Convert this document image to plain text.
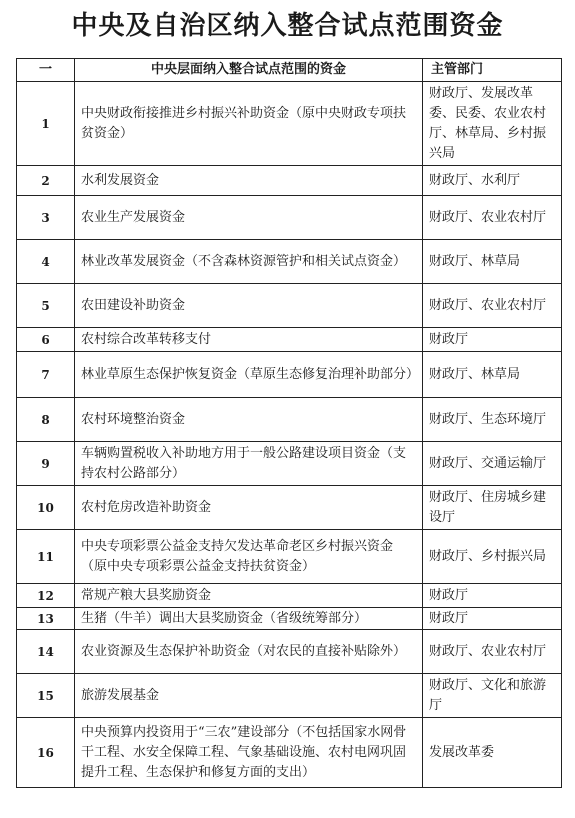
中央及自治区纳入整合试点范围资金
一	中央层面纳入整合试点范围的资金	主管部门
1	中央财政衔接推进乡村振兴补助资金（原中央财政专项扶贫资金）	财政厅、发展改革委、民委、农业农村厅、林草局、乡村振兴局
2	水利发展资金	财政厅、水利厅
3	农业生产发展资金	财政厅、农业农村厅
4	林业改革发展资金（不含森林资源管护和相关试点资金）	财政厅、林草局
5	农田建设补助资金	财政厅、农业农村厅
6	农村综合改革转移支付	财政厅
7	林业草原生态保护恢复资金（草原生态修复治理补助部分）	财政厅、林草局
8	农村环境整治资金	财政厅、生态环境厅
9	车辆购置税收入补助地方用于一般公路建设项目资金（支持农村公路部分）	财政厅、交通运输厅
10	农村危房改造补助资金	财政厅、住房城乡建设厅
11	中央专项彩票公益金支持欠发达革命老区乡村振兴资金（原中央专项彩票公益金支持扶贫资金）	财政厅、乡村振兴局
12	常规产粮大县奖励资金	财政厅
13	生猪（牛羊）调出大县奖励资金（省级统筹部分）	财政厅
14	农业资源及生态保护补助资金（对农民的直接补贴除外）	财政厅、农业农村厅
15	旅游发展基金	财政厅、文化和旅游厅
16	中央预算内投资用于“三农”建设部分（不包括国家水网骨干工程、水安全保障工程、气象基础设施、农村电网巩固提升工程、生态保护和修复方面的支出）	发展改革委
